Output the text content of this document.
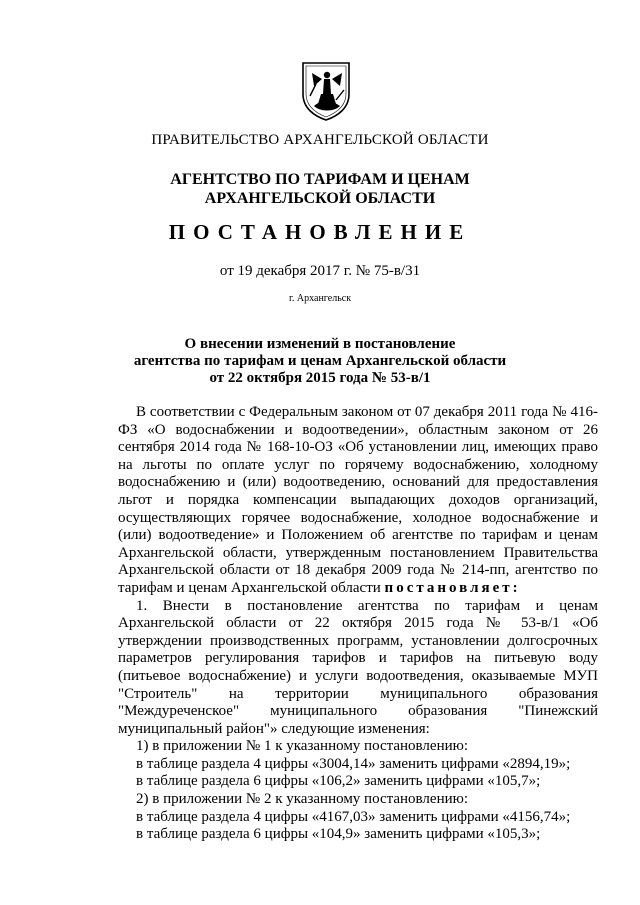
ПРАВИТЕЛЬСТВО АРХАНГЕЛЬСКОЙ ОБЛАСТИ
АГЕНТСТВО ПО ТАРИФАМ И ЦЕНАМ
АРХАНГЕЛЬСКОЙ ОБЛАСТИ
ПОСТАНОВЛЕНИЕ
от 19 декабря 2017 г. № 75-в/31
г. Архангельск
О внесении изменений в постановление
агентства по тарифам и ценам Архангельской области
от 22 октября 2015 года № 53-в/1

В соответствии с Федеральным законом от 07 декабря 2011 года № 416-ФЗ «О водоснабжении и водоотведении», областным законом от 26 сентября 2014 года № 168-10-ОЗ «Об установлении лиц, имеющих право на льготы по оплате услуг по горячему водоснабжению, холодному водоснабжению и (или) водоотведению, оснований для предоставления льгот и порядка компенсации выпадающих доходов организаций, осуществляющих горячее водоснабжение, холодное водоснабжение и (или) водоотведение» и Положением об агентстве по тарифам и ценам Архангельской области, утвержденным постановлением Правительства Архангельской области от 18 декабря 2009 года № 214-пп, агентство по тарифам и ценам Архангельской области постановляет:

1. Внести в постановление агентства по тарифам и ценам Архангельской области от 22 октября 2015 года № 53-в/1 «Об утверждении производственных программ, установлении долгосрочных параметров регулирования тарифов и тарифов на питьевую воду (питьевое водоснабжение) и услуги водоотведения, оказываемые МУП "Строитель" на территории муниципального образования "Междуреченское" муниципального образования "Пинежский муниципальный район"» следующие изменения:

1) в приложении № 1 к указанному постановлению:

в таблице раздела 4 цифры «3004,14» заменить цифрами «2894,19»;

в таблице раздела 6 цифры «106,2» заменить цифрами «105,7»;

2) в приложении № 2 к указанному постановлению:

в таблице раздела 4 цифры «4167,03» заменить цифрами «4156,74»;

в таблице раздела 6 цифры «104,9» заменить цифрами «105,3»;
